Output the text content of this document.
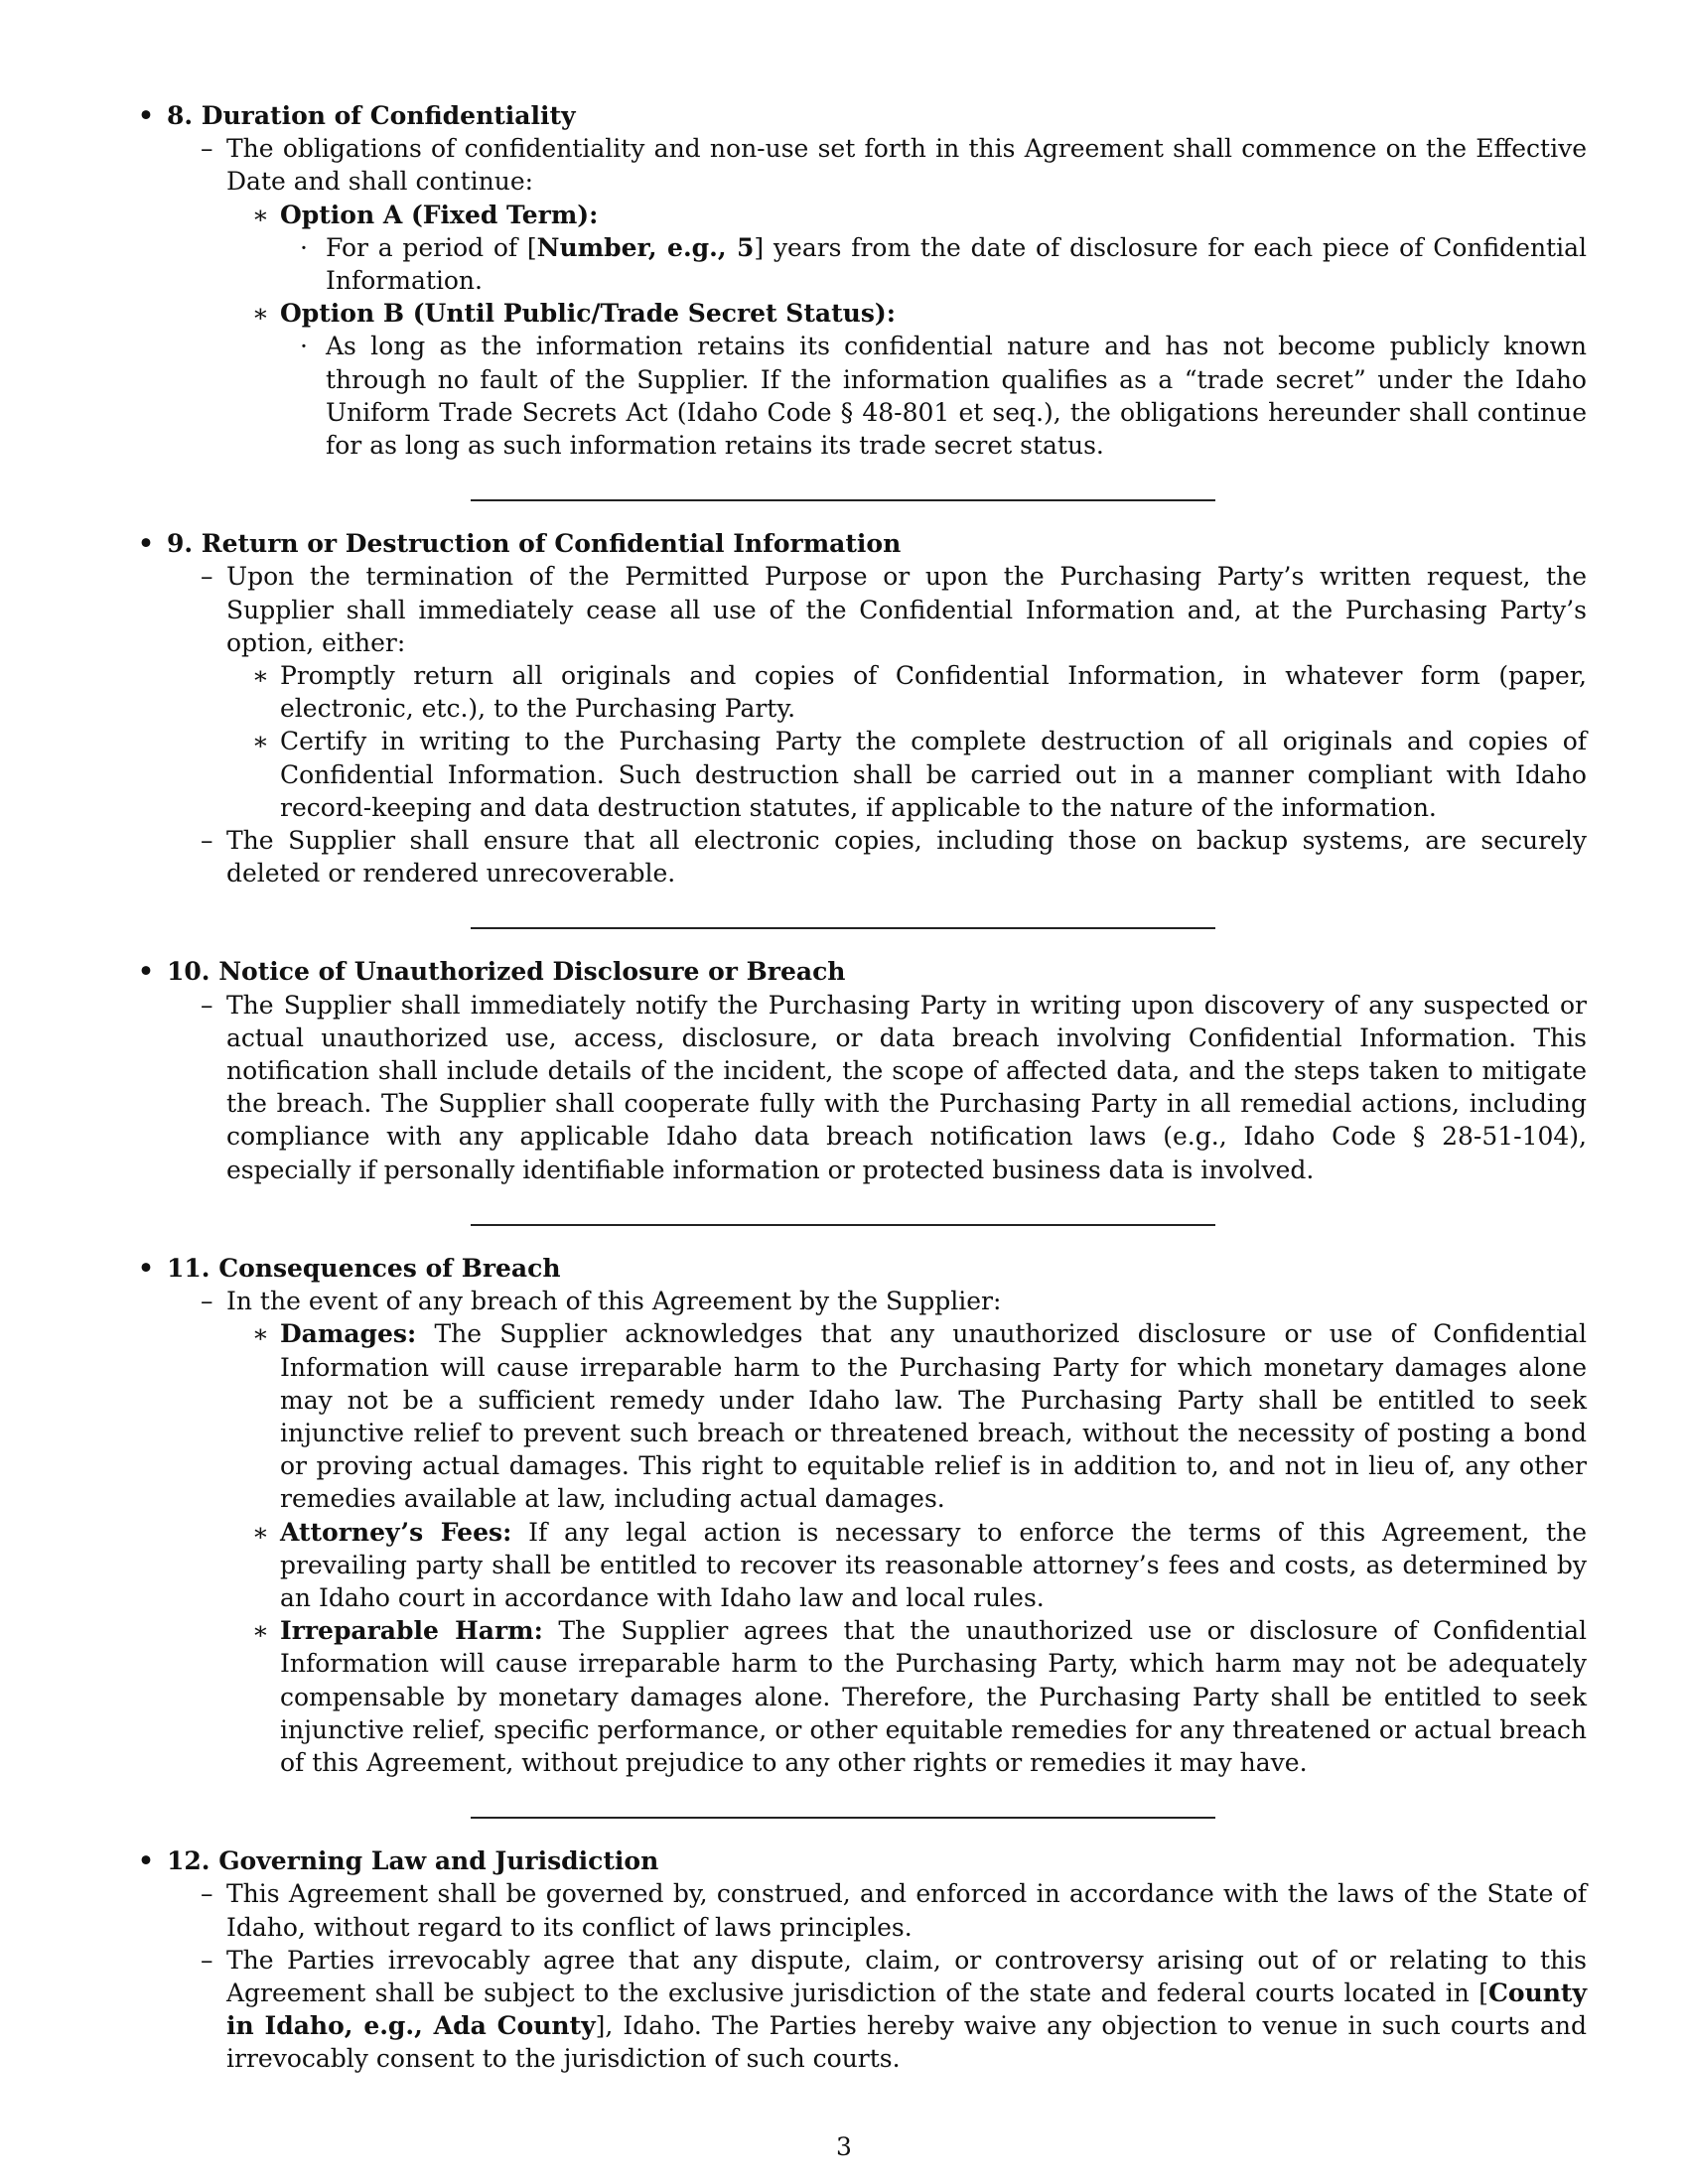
• 8. Duration of Confidentiality
– The obligations of confidentiality and non-use set forth in this Agreement shall commence on the Effective Date and shall continue:
∗ Option A (Fixed Term):
· For a period of [Number, e.g., 5] years from the date of disclosure for each piece of Confidential Information.
∗ Option B (Until Public/Trade Secret Status):
· As long as the information retains its confidential nature and has not become publicly known through no fault of the Supplier. If the information qualifies as a “trade secret” under the Idaho Uniform Trade Secrets Act (Idaho Code § 48-801 et seq.), the obligations hereunder shall continue for as long as such information retains its trade secret status.
• 9. Return or Destruction of Confidential Information
– Upon the termination of the Permitted Purpose or upon the Purchasing Party’s written request, the Supplier shall immediately cease all use of the Confidential Information and, at the Purchasing Party’s option, either:
∗ Promptly return all originals and copies of Confidential Information, in whatever form (paper, electronic, etc.), to the Purchasing Party.
∗ Certify in writing to the Purchasing Party the complete destruction of all originals and copies of Confidential Information. Such destruction shall be carried out in a manner compliant with Idaho record-keeping and data destruction statutes, if applicable to the nature of the information.
– The Supplier shall ensure that all electronic copies, including those on backup systems, are securely deleted or rendered unrecoverable.
• 10. Notice of Unauthorized Disclosure or Breach
– The Supplier shall immediately notify the Purchasing Party in writing upon discovery of any suspected or actual unauthorized use, access, disclosure, or data breach involving Confidential Information. This notification shall include details of the incident, the scope of affected data, and the steps taken to mitigate the breach. The Supplier shall cooperate fully with the Purchasing Party in all remedial actions, including compliance with any applicable Idaho data breach notification laws (e.g., Idaho Code § 28-51-104), especially if personally identifiable information or protected business data is involved.
• 11. Consequences of Breach
– In the event of any breach of this Agreement by the Supplier:
∗ Damages: The Supplier acknowledges that any unauthorized disclosure or use of Confidential Information will cause irreparable harm to the Purchasing Party for which monetary damages alone may not be a sufficient remedy under Idaho law. The Purchasing Party shall be entitled to seek injunctive relief to prevent such breach or threatened breach, without the necessity of posting a bond or proving actual damages. This right to equitable relief is in addition to, and not in lieu of, any other remedies available at law, including actual damages.
∗ Attorney’s Fees: If any legal action is necessary to enforce the terms of this Agreement, the prevailing party shall be entitled to recover its reasonable attorney’s fees and costs, as determined by an Idaho court in accordance with Idaho law and local rules.
∗ Irreparable Harm: The Supplier agrees that the unauthorized use or disclosure of Confidential Information will cause irreparable harm to the Purchasing Party, which harm may not be adequately compensable by monetary damages alone. Therefore, the Purchasing Party shall be entitled to seek injunctive relief, specific performance, or other equitable remedies for any threatened or actual breach of this Agreement, without prejudice to any other rights or remedies it may have.
• 12. Governing Law and Jurisdiction
– This Agreement shall be governed by, construed, and enforced in accordance with the laws of the State of Idaho, without regard to its conflict of laws principles.
– The Parties irrevocably agree that any dispute, claim, or controversy arising out of or relating to this Agreement shall be subject to the exclusive jurisdiction of the state and federal courts located in [County in Idaho, e.g., Ada County], Idaho. The Parties hereby waive any objection to venue in such courts and irrevocably consent to the jurisdiction of such courts.
3
